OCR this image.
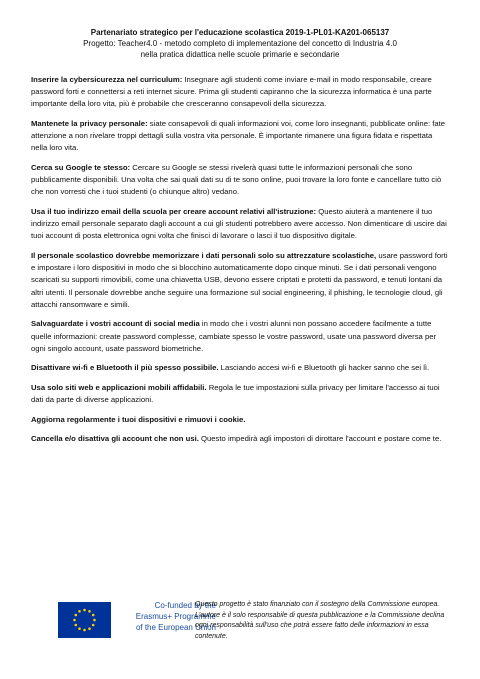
Partenariato strategico per l'educazione scolastica 2019-1-PL01-KA201-065137
Progetto: Teacher4.0 - metodo completo di implementazione del concetto di Industria 4.0
nella pratica didattica nelle scuole primarie e secondarie

Inserire la cybersicurezza nel curriculum: Insegnare agli studenti come inviare e-mail in modo responsabile, creare password forti e connettersi a reti internet sicure. Prima gli studenti capiranno che la sicurezza informatica è una parte importante della loro vita, più è probabile che cresceranno consapevoli della sicurezza.

Mantenete la privacy personale: siate consapevoli di quali informazioni voi, come loro insegnanti, pubblicate online: fate attenzione a non rivelare troppi dettagli sulla vostra vita personale. È importante rimanere una figura fidata e rispettata nella loro vita.

Cerca su Google te stesso: Cercare su Google se stessi rivelerà quasi tutte le informazioni personali che sono pubblicamente disponibili. Una volta che sai quali dati su di te sono online, puoi trovare la loro fonte e cancellare tutto ciò che non vorresti che i tuoi studenti (o chiunque altro) vedano.

Usa il tuo indirizzo email della scuola per creare account relativi all'istruzione: Questo aiuterà a mantenere il tuo indirizzo email personale separato dagli account a cui gli studenti potrebbero avere accesso. Non dimenticare di uscire dai tuoi account di posta elettronica ogni volta che finisci di lavorare o lasci il tuo dispositivo digitale.

Il personale scolastico dovrebbe memorizzare i dati personali solo su attrezzature scolastiche, usare password forti e impostare i loro dispositivi in modo che si blocchino automaticamente dopo cinque minuti. Se i dati personali vengono scaricati su supporti rimovibili, come una chiavetta USB, devono essere criptati e protetti da password, e tenuti lontani da altri utenti. Il personale dovrebbe anche seguire una formazione sul social engineering, il phishing, le tecnologie cloud, gli attacchi ransomware e simili.

Salvaguardate i vostri account di social media in modo che i vostri alunni non possano accedere facilmente a tutte quelle informazioni: create password complesse, cambiate spesso le vostre password, usate una password diversa per ogni singolo account, usate password biometriche.

Disattivare wi-fi e Bluetooth il più spesso possibile. Lasciando accesi wi-fi e Bluetooth gli hacker sanno che sei lì.

Usa solo siti web e applicazioni mobili affidabili. Regola le tue impostazioni sulla privacy per limitare l'accesso ai tuoi dati da parte di diverse applicazioni.

Aggiorna regolarmente i tuoi dispositivi e rimuovi i cookie.

Cancella e/o disattiva gli account che non usi. Questo impedirà agli impostori di dirottare l'account e postare come te.

Co-funded by the
Erasmus+ Programme
of the European Union
Questo progetto è stato finanziato con il sostegno della Commissione europea. L'autore è il solo responsabile di questa pubblicazione e la Commissione declina ogni responsabilità sull'uso che potrà essere fatto delle informazioni in essa contenute.
